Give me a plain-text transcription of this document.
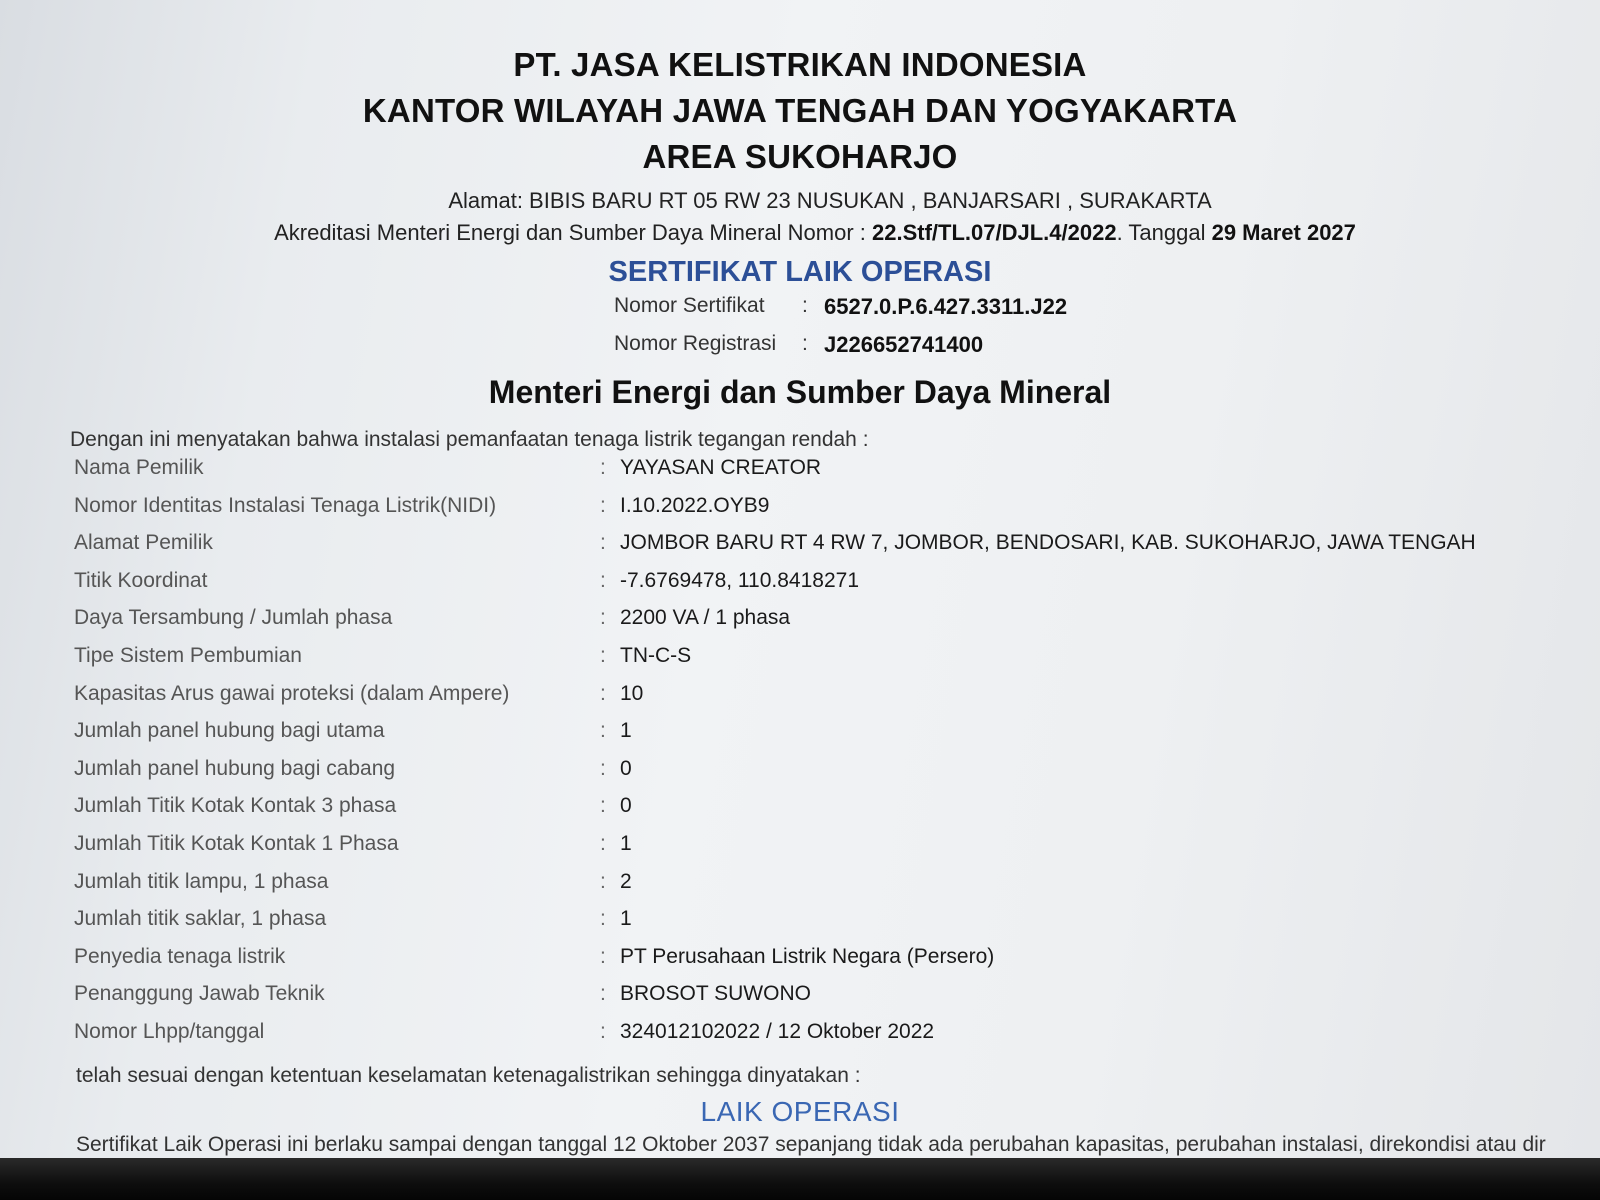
PT. JASA KELISTRIKAN INDONESIA
KANTOR WILAYAH JAWA TENGAH DAN YOGYAKARTA
AREA SUKOHARJO
Alamat: BIBIS BARU RT 05 RW 23 NUSUKAN , BANJARSARI , SURAKARTA
Akreditasi Menteri Energi dan Sumber Daya Mineral Nomor : 22.Stf/TL.07/DJL.4/2022. Tanggal 29 Maret 2027
SERTIFIKAT LAIK OPERASI
Nomor Sertifikat : 6527.0.P.6.427.3311.J22
Nomor Registrasi : J226652741400
Menteri Energi dan Sumber Daya Mineral
Dengan ini menyatakan bahwa instalasi pemanfaatan tenaga listrik tegangan rendah :
Nama Pemilik	: YAYASAN CREATOR
Nomor Identitas Instalasi Tenaga Listrik(NIDI)	: I.10.2022.OYB9
Alamat Pemilik	: JOMBOR BARU RT 4 RW 7, JOMBOR, BENDOSARI, KAB. SUKOHARJO, JAWA TENGAH
Titik Koordinat	: -7.6769478, 110.8418271
Daya Tersambung / Jumlah phasa	: 2200 VA / 1 phasa
Tipe Sistem Pembumian	: TN-C-S
Kapasitas Arus gawai proteksi (dalam Ampere)	: 10
Jumlah panel hubung bagi utama	: 1
Jumlah panel hubung bagi cabang	: 0
Jumlah Titik Kotak Kontak 3 phasa	: 0
Jumlah Titik Kotak Kontak 1 Phasa	: 1
Jumlah titik lampu, 1 phasa	: 2
Jumlah titik saklar, 1 phasa	: 1
Penyedia tenaga listrik	: PT Perusahaan Listrik Negara (Persero)
Penanggung Jawab Teknik	: BROSOT SUWONO
Nomor Lhpp/tanggal	: 324012102022 / 12 Oktober 2022
telah sesuai dengan ketentuan keselamatan ketenagalistrikan sehingga dinyatakan :
LAIK OPERASI
Sertifikat Laik Operasi ini berlaku sampai dengan tanggal 12 Oktober 2037 sepanjang tidak ada perubahan kapasitas, perubahan instalasi, direkondisi atau dir
